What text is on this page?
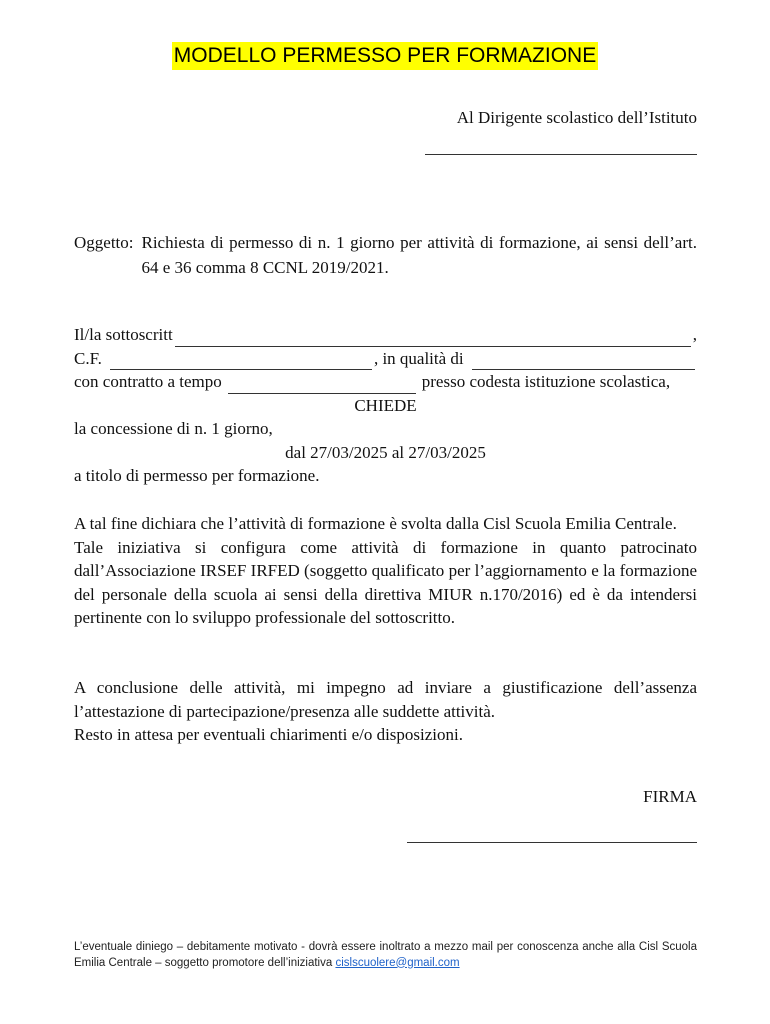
MODELLO PERMESSO PER FORMAZIONE
Al Dirigente scolastico dell’Istituto
Oggetto: Richiesta di permesso di n. 1 giorno per attività di formazione, ai sensi dell’art. 64 e 36 comma 8 CCNL 2019/2021.
Il/la sottoscritt	,
C.F.	, in qualità di
con contratto a tempo	presso codesta istituzione scolastica,
CHIEDE
la concessione di n. 1 giorno,
dal 27/03/2025 al 27/03/2025
a titolo di permesso per formazione.
A tal fine dichiara che l’attività di formazione è svolta dalla Cisl Scuola Emilia Centrale.
Tale iniziativa si configura come attività di formazione in quanto patrocinato dall’Associazione IRSEF IRFED (soggetto qualificato per l’aggiornamento e la formazione del personale della scuola ai sensi della direttiva MIUR n.170/2016) ed è da intendersi pertinente con lo sviluppo professionale del sottoscritto.
A conclusione delle attività, mi impegno ad inviare a giustificazione dell’assenza l’attestazione di partecipazione/presenza alle suddette attività.
Resto in attesa per eventuali chiarimenti e/o disposizioni.
FIRMA
L’eventuale diniego – debitamente motivato - dovrà essere inoltrato a mezzo mail per conoscenza anche alla Cisl Scuola Emilia Centrale – soggetto promotore dell’iniziativa cislscuolere@gmail.com
